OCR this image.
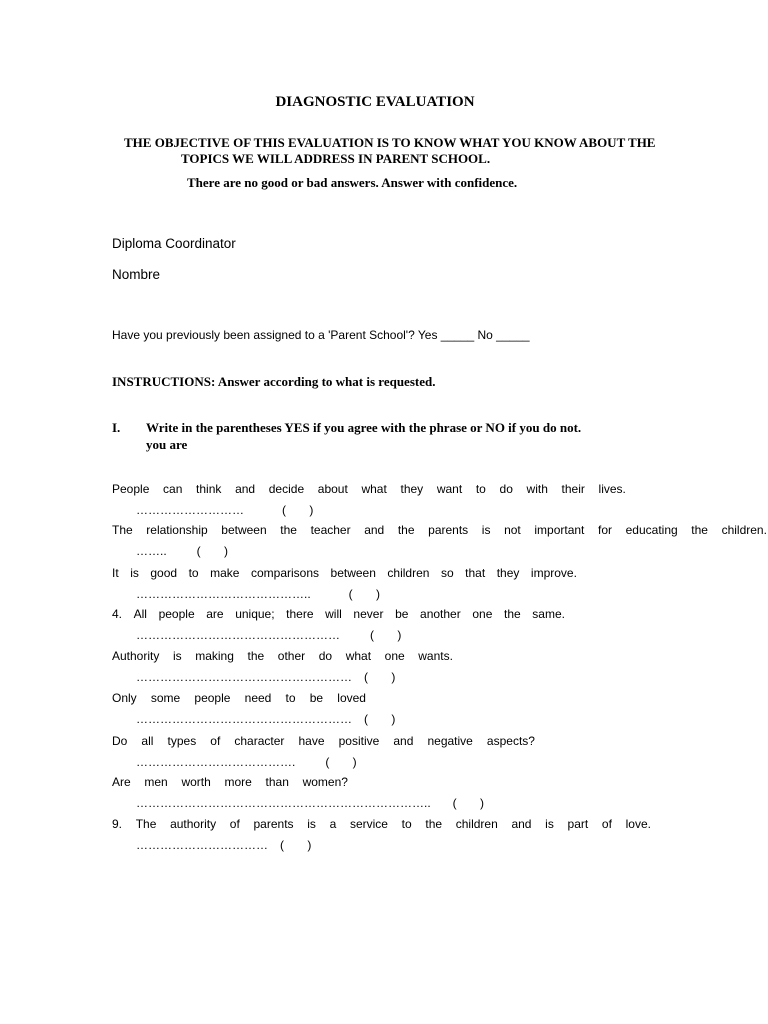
DIAGNOSTIC EVALUATION
THE OBJECTIVE OF THIS EVALUATION IS TO KNOW WHAT YOU KNOW ABOUT THE
TOPICS WE WILL ADDRESS IN PARENT SCHOOL.
There are no good or bad answers. Answer with confidence.
Diploma Coordinator
Nombre
Have you previously been assigned to a 'Parent School'? Yes _____ No _____
INSTRUCTIONS: Answer according to what is requested.
I. Write in the parentheses YES if you agree with the phrase or NO if you do not.
you are
People can think and decide about what they want to do with their lives.
………………………	(       )
The relationship between the teacher and the parents is not important for educating the children.
……..	(       )
It is good to make comparisons between children so that they improve.
……………………………………..	(       )
4. All people are unique; there will never be another one the same.
……………………………………………	(       )
Authority is making the other do what one wants.
……………………………………………… (       )
Only some people need to be loved
……………………………………………… (       )
Do all types of character have positive and negative aspects?
………………………………….	(       )
Are men worth more than women?
……………………………………………………………….. (       )
9. The authority of parents is a service to the children and is part of love.
…………………………… (       )
